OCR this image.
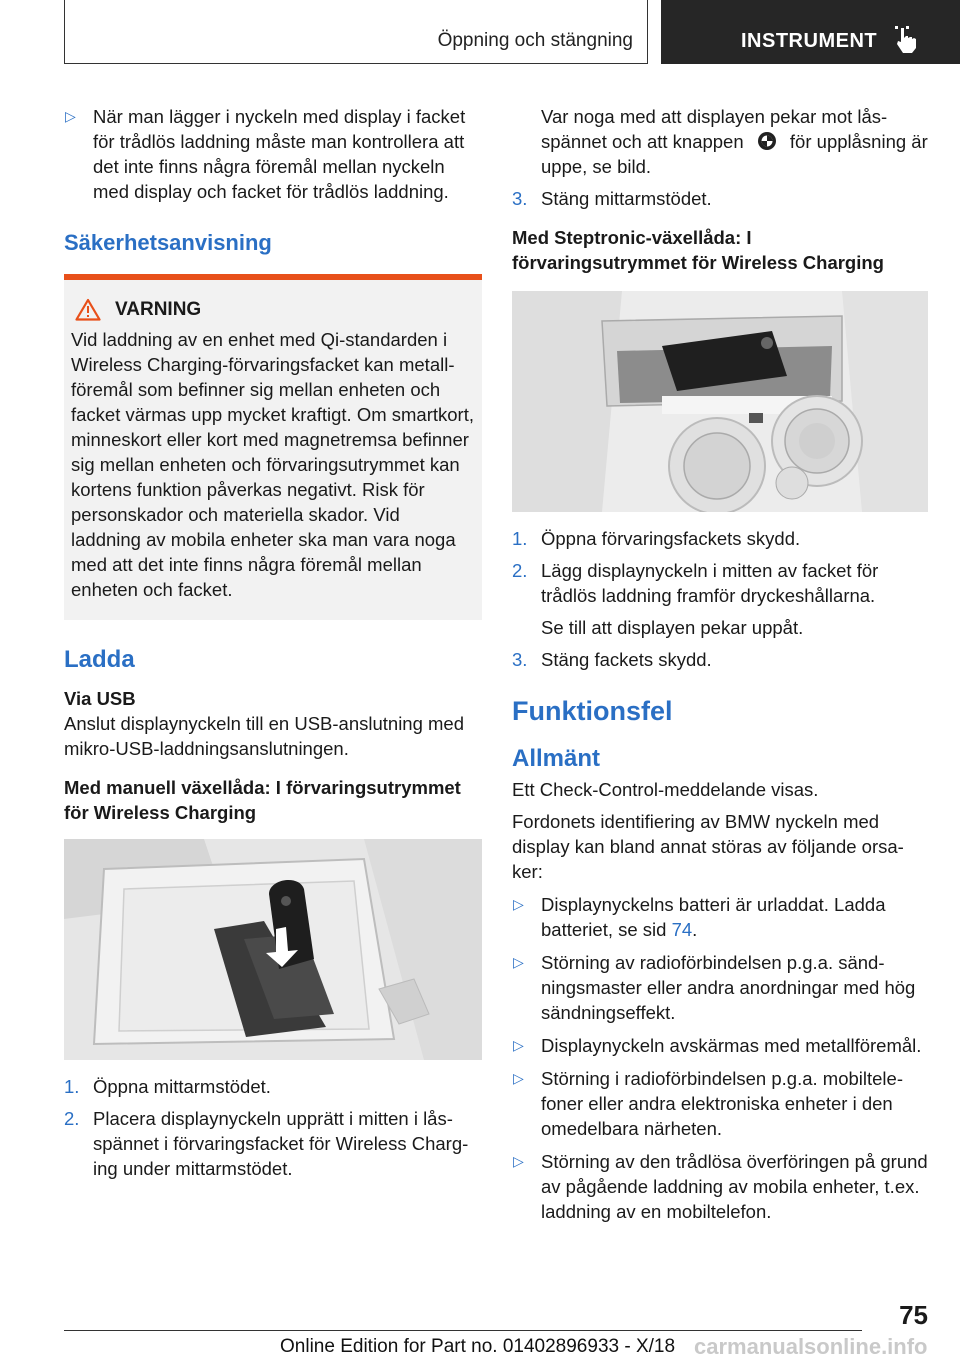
Öppning och stängning	INSTRUMENT
▷ När man lägger i nyckeln med display i facket för trådlös laddning måste man kontrollera att det inte finns några föremål mellan nyckeln med display och facket för trådlös laddning.

Säkerhetsanvisning

VARNING

Vid laddning av en enhet med Qi-standarden i Wireless Charging-förvaringsfacket kan metallföremål som befinner sig mellan enheten och facket värmas upp mycket kraftigt. Om smartkort, minneskort eller kort med magnetremsa befinner sig mellan enheten och förvaringsutrymmet kan kortens funktion påverkas negativt. Risk för personskador och materiella skador. Vid laddning av mobila enheter ska man vara noga med att det inte finns några föremål mellan enheten och facket.

Ladda

Via USB

Anslut displaynyckeln till en USB-anslutning med mikro-USB-laddningsanslutningen.

Med manuell växellåda: I förvaringsutrymmet för Wireless Charging

1. Öppna mittarmstödet.
2. Placera displaynyckeln upprätt i mitten i låsspännet i förvaringsfacket för Wireless Charging under mittarmstödet.

Var noga med att displayen pekar mot låsspännet och att knappen	för upplåsning är uppe, se bild.

3. Stäng mittarmstödet.

Med Steptronic-växellåda: I förvaringsutrymmet för Wireless Charging

1. Öppna förvaringsfackets skydd.
2. Lägg displaynyckeln i mitten av facket för trådlös laddning framför dryckeshållarna.

Se till att displayen pekar uppåt.

3. Stäng fackets skydd.

Funktionsfel

Allmänt

Ett Check-Control-meddelande visas.

Fordonets identifiering av BMW nyckeln med display kan bland annat störas av följande orsaker:

▷ Displaynyckelns batteri är urladdat. Ladda batteriet, se sid 74.
▷ Störning av radioförbindelsen p.g.a. sändningsmaster eller andra anordningar med hög sändningseffekt.
▷ Displaynyckeln avskärmas med metallföremål.
▷ Störning i radioförbindelsen p.g.a. mobiltelefoner eller andra elektroniska enheter i den omedelbara närheten.
▷ Störning av den trådlösa överföringen på grund av pågående laddning av mobila enheter, t.ex. laddning av en mobiltelefon.
75
Online Edition for Part no. 01402896933 - X/18 carmanualsonline.info
